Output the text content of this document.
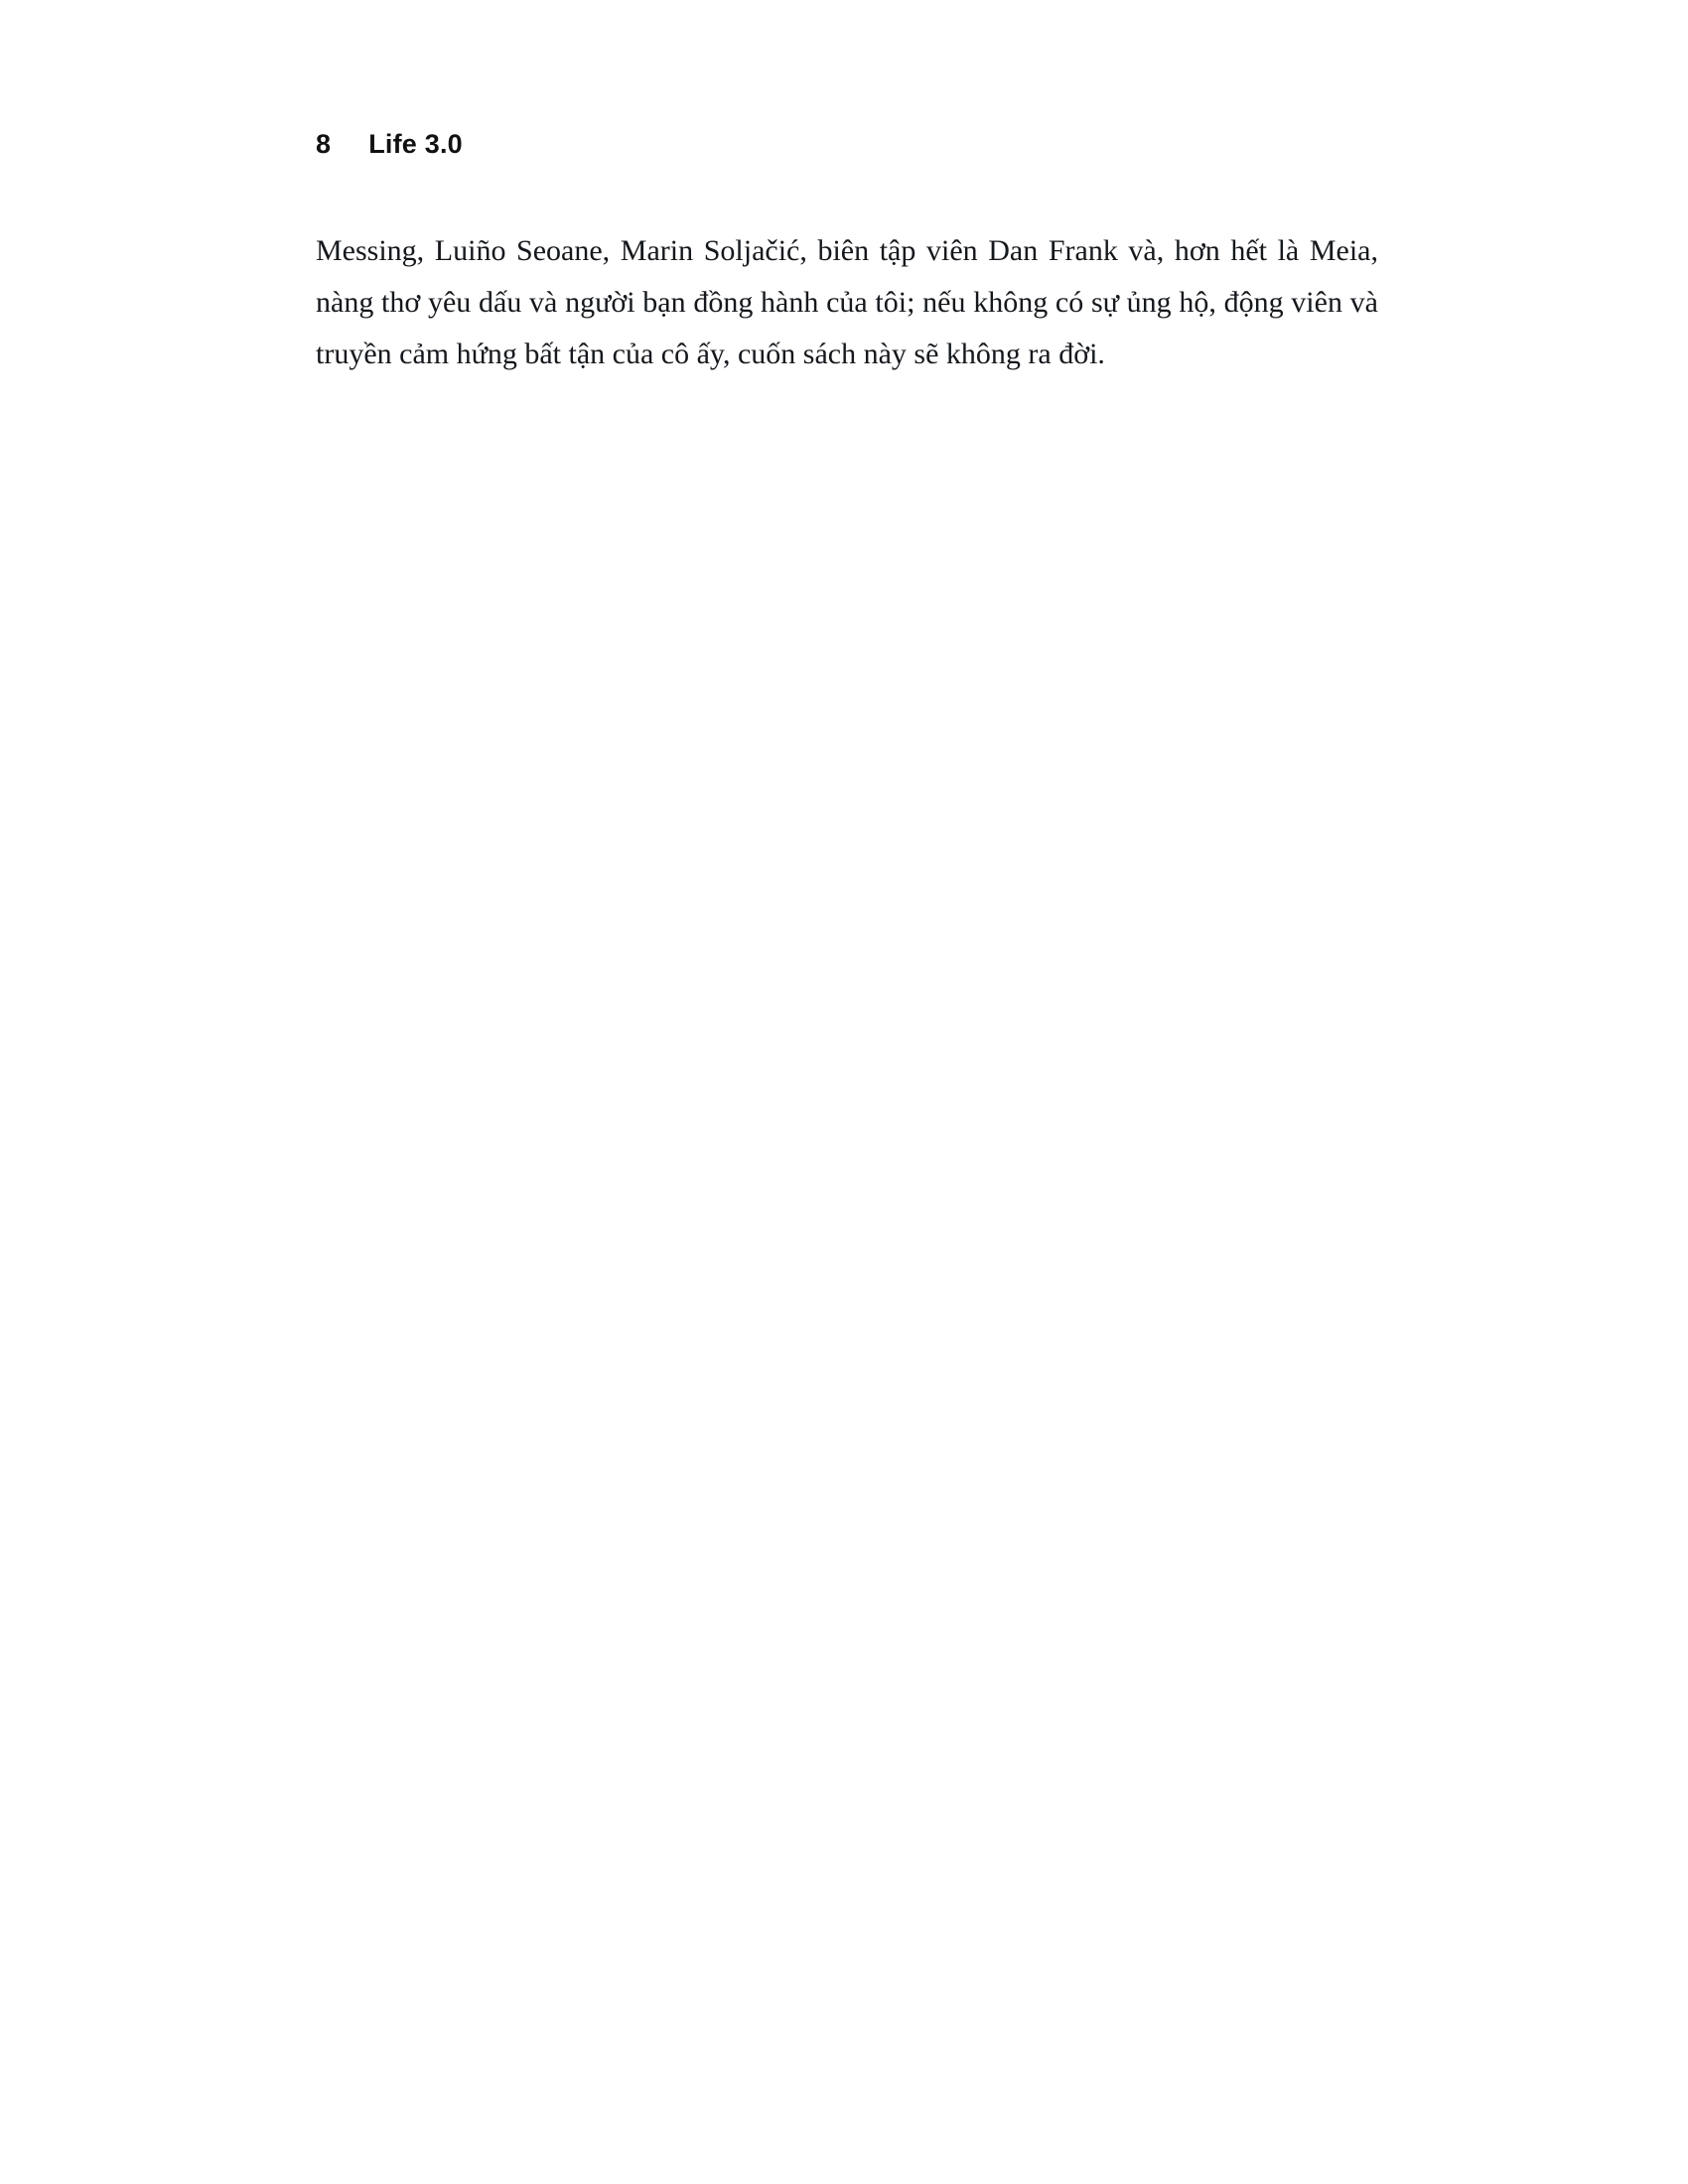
8 Life 3.0

Messing, Luiño Seoane, Marin Soljačić, biên tập viên Dan Frank và, hơn hết là Meia, nàng thơ yêu dấu và người bạn đồng hành của tôi; nếu không có sự ủng hộ, động viên và truyền cảm hứng bất tận của cô ấy, cuốn sách này sẽ không ra đời.
